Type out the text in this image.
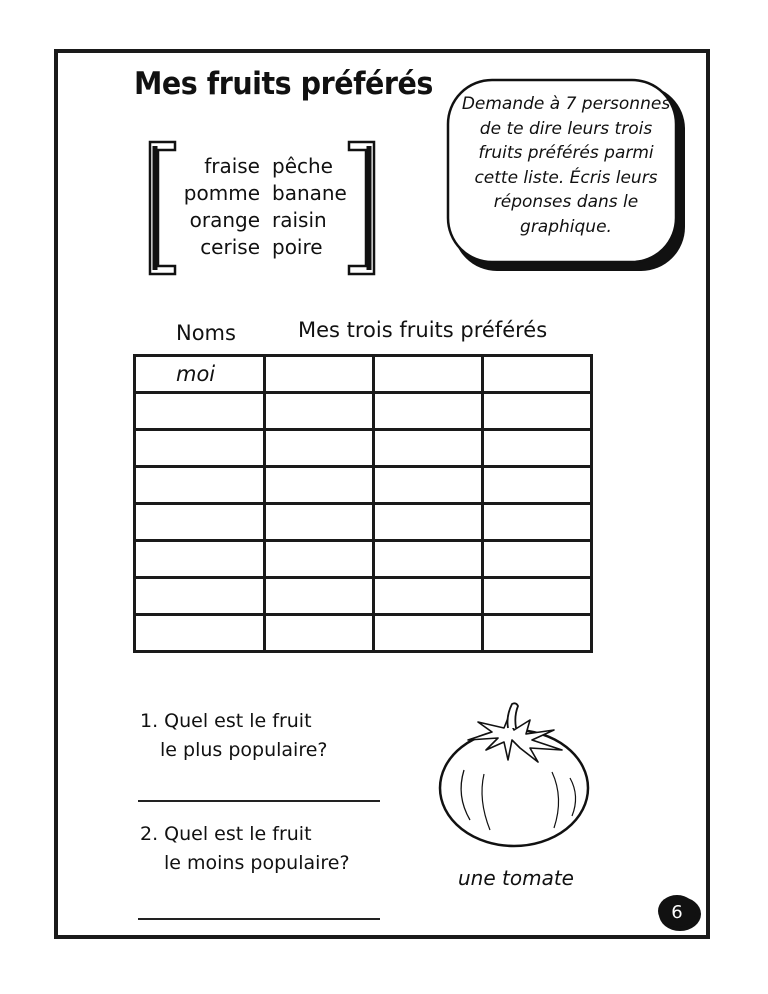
Mes fruits préférés
fraise pêche
pomme banane
orange raisin
cerise poire
Demande à 7 personnes de te dire leurs trois fruits préférés parmi cette liste. Écris leurs réponses dans le graphique.
Noms	Mes trois fruits préférés
moi			

1. Quel est le fruit
le plus populaire?
2. Quel est le fruit
le moins populaire?
une tomate
6
